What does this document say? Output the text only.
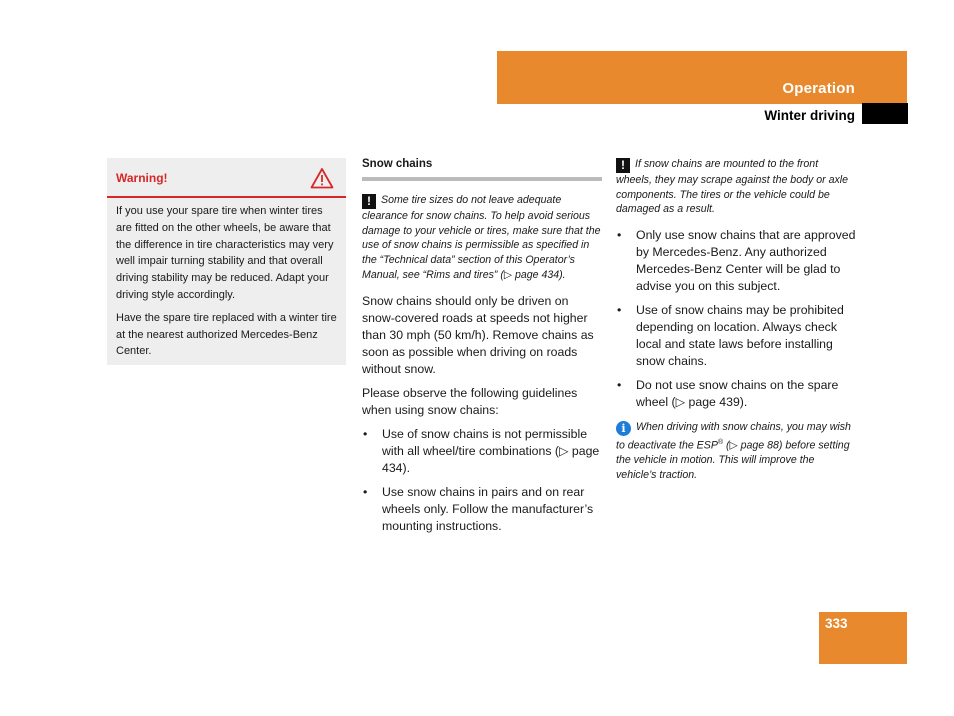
Operation
Winter driving
Warning!

If you use your spare tire when winter tires are fitted on the other wheels, be aware that the difference in tire characteristics may very well impair turning stability and that overall driving stability may be reduced. Adapt your driving style accordingly.

Have the spare tire replaced with a winter tire at the nearest authorized Mercedes-Benz Center.

Snow chains

! Some tire sizes do not leave adequate clearance for snow chains. To help avoid serious damage to your vehicle or tires, make sure that the use of snow chains is permissible as specified in the “Technical data” section of this Operator’s Manual, see “Rims and tires” (▷ page 434).

Snow chains should only be driven on snow-covered roads at speeds not higher than 30 mph (50 km/h). Remove chains as soon as possible when driving on roads without snow.

Please observe the following guidelines when using snow chains:

• Use of snow chains is not permissible with all wheel/tire combinations (▷ page 434).
• Use snow chains in pairs and on rear wheels only. Follow the manufacturer’s mounting instructions.

! If snow chains are mounted to the front wheels, they may scrape against the body or axle components. The tires or the vehicle could be damaged as a result.

• Only use snow chains that are approved by Mercedes-Benz. Any authorized Mercedes-Benz Center will be glad to advise you on this subject.
• Use of snow chains may be prohibited depending on location. Always check local and state laws before installing snow chains.
• Do not use snow chains on the spare wheel (▷ page 439).

i When driving with snow chains, you may wish to deactivate the ESP® (▷ page 88) before setting the vehicle in motion. This will improve the vehicle’s traction.

333
